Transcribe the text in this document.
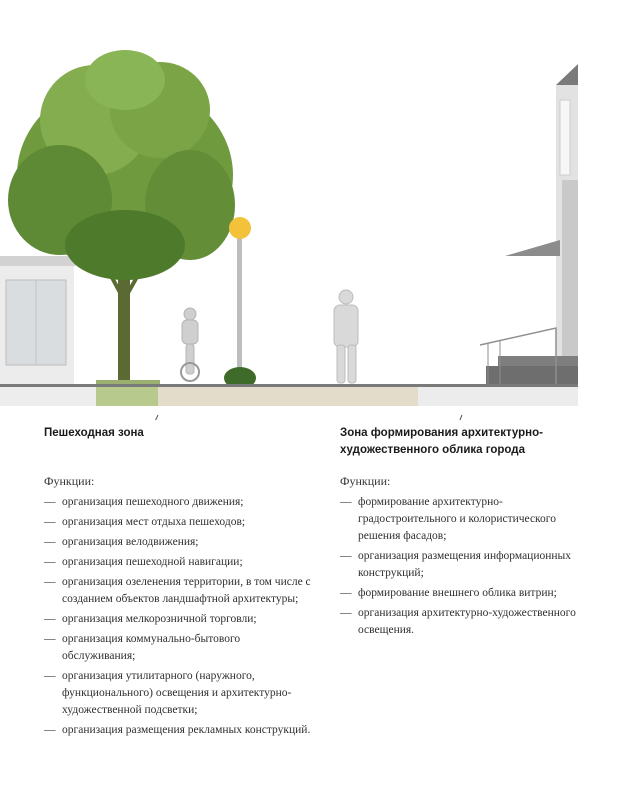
Пешеходная зона

Функции:

— организация пешеходного движения;
— организация мест отдыха пешеходов;
— организация велодвижения;
— организация пешеходной навигации;
— организация озеленения территории, в том числе с созданием объектов ландшафтной архитектуры;
— организация мелкорозничной торговли;
— организация коммунально-бытового обслуживания;
— организация утилитарного (наружного, функционального) освещения и архитектурно-художественной подсветки;
— организация размещения рекламных конструкций.
Зона формирования архитектурно-художественного облика города

Функции:

— формирование архитектурно-градостроительного и колористического решения фасадов;
— организация размещения информационных конструкций;
— формирование внешнего облика витрин;
— организация архитектурно-художественного освещения.
